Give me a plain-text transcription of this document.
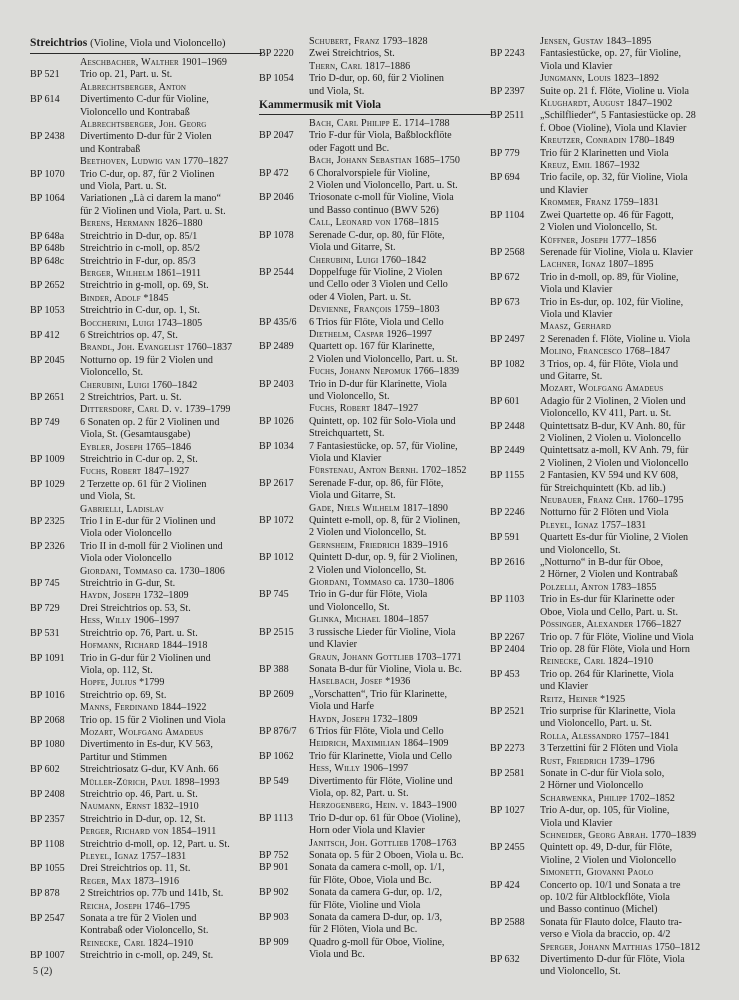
Streichtrios (Violine, Viola und Violoncello)
Aeschbacher, Walther 1901–1969
BP 521	Trio op. 21, Part. u. St.
Albrechtsberger, Anton
BP 614	Divertimento C-dur für Violine,
Violoncello und Kontrabaß
Albrechtsberger, Joh. Georg
BP 2438	Divertimento D-dur für 2 Violen
und Kontrabaß
Beethoven, Ludwig van 1770–1827
BP 1070	Trio C-dur, op. 87, für 2 Violinen
und Viola, Part. u. St.
BP 1064	Variationen „Là ci darem la mano“
für 2 Violinen und Viola, Part. u. St.
Berens, Hermann 1826–1880
BP 648a	Streichtrio in D-dur, op. 85/1
BP 648b	Streichtrio in c-moll, op. 85/2
BP 648c	Streichtrio in F-dur, op. 85/3
Berger, Wilhelm 1861–1911
BP 2652	Streichtrio in g-moll, op. 69, St.
Binder, Adolf *1845
BP 1053	Streichtrio in C-dur, op. 1, St.
Boccherini, Luigi 1743–1805
BP 412	6 Streichtrios op. 47, St.
Brandl, Joh. Evangelist 1760–1837
BP 2045	Notturno op. 19 für 2 Violen und
Violoncello, St.
Cherubini, Luigi 1760–1842
BP 2651	2 Streichtrios, Part. u. St.
Dittersdorf, Carl D. v. 1739–1799
BP 749	6 Sonaten op. 2 für 2 Violinen und
Viola, St. (Gesamtausgabe)
Eybler, Joseph 1765–1846
BP 1009	Streichtrio in C-dur op. 2, St.
Fuchs, Robert 1847–1927
BP 1029	2 Terzette op. 61 für 2 Violinen
und Viola, St.
Gabrielli, Ladislav
BP 2325	Trio I in E-dur für 2 Violinen und
Viola oder Violoncello
BP 2326	Trio II in d-moll für 2 Violinen und
Viola oder Violoncello
Giordani, Tommaso ca. 1730–1806
BP 745	Streichtrio in G-dur, St.
Haydn, Joseph 1732–1809
BP 729	Drei Streichtrios op. 53, St.
Hess, Willy 1906–1997
BP 531	Streichtrio op. 76, Part. u. St.
Hofmann, Richard 1844–1918
BP 1091	Trio in G-dur für 2 Violinen und
Viola, op. 112, St.
Hopfe, Julius *1799
BP 1016	Streichtrio op. 69, St.
Manns, Ferdinand 1844–1922
BP 2068	Trio op. 15 für 2 Violinen und Viola
Mozart, Wolfgang Amadeus
BP 1080	Divertimento in Es-dur, KV 563,
Partitur und Stimmen
BP 602	Streichtriosatz G-dur, KV Anh. 66
Müller-Zürich, Paul 1898–1993
BP 2408	Streichtrio op. 46, Part. u. St.
Naumann, Ernst 1832–1910
BP 2357	Streichtrio in D-dur, op. 12, St.
Perger, Richard von 1854–1911
BP 1108	Streichtrio d-moll, op. 12, Part. u. St.
Pleyel, Ignaz 1757–1831
BP 1055	Drei Streichtrios op. 11, St.
Reger, Max 1873–1916
BP 878	2 Streichtrios op. 77b und 141b, St.
Reicha, Joseph 1746–1795
BP 2547	Sonata a tre für 2 Violen und
Kontrabaß oder Violoncello, St.
Reinecke, Carl 1824–1910
BP 1007	Streichtrio in c-moll, op. 249, St.
Schubert, Franz 1793–1828
BP 2220	Zwei Streichtrios, St.
Thern, Carl 1817–1886
BP 1054	Trio D-dur, op. 60, für 2 Violinen
und Viola, St.
Kammermusik mit Viola
Bach, Carl Philipp E. 1714–1788
BP 2047	Trio F-dur für Viola, Baßblockflöte
oder Fagott und Bc.
Bach, Johann Sebastian 1685–1750
BP 472	6 Choralvorspiele für Violine,
2 Violen und Violoncello, Part. u. St.
BP 2046	Triosonate c-moll für Violine, Viola
und Basso continuo (BWV 526)
Call, Leonard von 1768–1815
BP 1078	Serenade C-dur, op. 80, für Flöte,
Viola und Gitarre, St.
Cherubini, Luigi 1760–1842
BP 2544	Doppelfuge für Violine, 2 Violen
und Cello oder 3 Violen und Cello
oder 4 Violen, Part. u. St.
Devienne, François 1759–1803
BP 435/6	6 Trios für Flöte, Viola und Cello
Diethelm, Caspar 1926–1997
BP 2489	Quartett op. 167 für Klarinette,
2 Violen und Violoncello, Part. u. St.
Fuchs, Johann Nepomuk 1766–1839
BP 2403	Trio in D-dur für Klarinette, Viola
und Violoncello, St.
Fuchs, Robert 1847–1927
BP 1026	Quintett, op. 102 für Solo-Viola und
Streichquartett, St.
BP 1034	7 Fantasiestücke, op. 57, für Violine,
Viola und Klavier
Fürstenau, Anton Bernh. 1702–1852
BP 2617	Serenade F-dur, op. 86, für Flöte,
Viola und Gitarre, St.
Gade, Niels Wilhelm 1817–1890
BP 1072	Quintett e-moll, op. 8, für 2 Violinen,
2 Violen und Violoncello, St.
Gernsheim, Friedrich 1839–1916
BP 1012	Quintett D-dur, op. 9, für 2 Violinen,
2 Violen und Violoncello, St.
Giordani, Tommaso ca. 1730–1806
BP 745	Trio in G-dur für Flöte, Viola
und Violoncello, St.
Glinka, Michael 1804–1857
BP 2515	3 russische Lieder für Violine, Viola
und Klavier
Graun, Johann Gottlieb 1703–1771
BP 388	Sonata B-dur für Violine, Viola u. Bc.
Haselbach, Josef *1936
BP 2609	„Vorschatten“, Trio für Klarinette,
Viola und Harfe
Haydn, Joseph 1732–1809
BP 876/7	6 Trios für Flöte, Viola und Cello
Heidrich, Maximilian 1864–1909
BP 1062	Trio für Klarinette, Viola und Cello
Hess, Willy 1906–1997
BP 549	Divertimento für Flöte, Violine und
Viola, op. 82, Part. u. St.
Herzogenberg, Hein. v. 1843–1900
BP 1113	Trio D-dur op. 61 für Oboe (Violine),
Horn oder Viola und Klavier
Janitsch, Joh. Gottlieb 1708–1763
BP 752	Sonata op. 5 für 2 Oboen, Viola u. Bc.
BP 901	Sonata da camera c-moll, op. 1/1,
für Flöte, Oboe, Viola und Bc.
BP 902	Sonata da camera G-dur, op. 1/2,
für Flöte, Violine und Viola
BP 903	Sonata da camera D-dur, op. 1/3,
für 2 Flöten, Viola und Bc.
BP 909	Quadro g-moll für Oboe, Violine,
Viola und Bc.
Jensen, Gustav 1843–1895
BP 2243	Fantasiestücke, op. 27, für Violine,
Viola und Klavier
Jungmann, Louis 1823–1892
BP 2397	Suite op. 21 f. Flöte, Violine u. Viola
Klughardt, August 1847–1902
BP 2511	„Schilflieder“, 5 Fantasiestücke op. 28
f. Oboe (Violine), Viola und Klavier
Kreutzer, Conradin 1780–1849
BP 779	Trio für 2 Klarinetten und Viola
Kreuz, Emil 1867–1932
BP 694	Trio facile, op. 32, für Violine, Viola
und Klavier
Krommer, Franz 1759–1831
BP 1104	Zwei Quartette op. 46 für Fagott,
2 Violen und Violoncello, St.
Küffner, Joseph 1777–1856
BP 2568	Serenade für Violine, Viola u. Klavier
Lachner, Ignaz 1807–1895
BP 672	Trio in d-moll, op. 89, für Violine,
Viola und Klavier
BP 673	Trio in Es-dur, op. 102, für Violine,
Viola und Klavier
Maasz, Gerhard
BP 2497	2 Serenaden f. Flöte, Violine u. Viola
Molino, Francesco 1768–1847
BP 1082	3 Trios, op. 4, für Flöte, Viola und
und Gitarre, St.
Mozart, Wolfgang Amadeus
BP 601	Adagio für 2 Violinen, 2 Violen und
Violoncello, KV 411, Part. u. St.
BP 2448	Quintettsatz B-dur, KV Anh. 80, für
2 Violinen, 2 Violen u. Violoncello
BP 2449	Quintettsatz a-moll, KV Anh. 79, für
2 Violinen, 2 Violen und Violoncello
BP 1155	2 Fantasien, KV 594 und KV 608,
für Streichquintett (Kb. ad lib.)
Neubauer, Franz Chr. 1760–1795
BP 2246	Notturno für 2 Flöten und Viola
Pleyel, Ignaz 1757–1831
BP 591	Quartett Es-dur für Violine, 2 Violen
und Violoncello, St.
BP 2616	„Notturno“ in B-dur für Oboe,
2 Hörner, 2 Violen und Kontrabaß
Polzelli, Anton 1783–1855
BP 1103	Trio in Es-dur für Klarinette oder
Oboe, Viola und Cello, Part. u. St.
Pössinger, Alexander 1766–1827
BP 2267	Trio op. 7 für Flöte, Violine und Viola
BP 2404	Trio op. 28 für Flöte, Viola und Horn
Reinecke, Carl 1824–1910
BP 453	Trio op. 264 für Klarinette, Viola
und Klavier
Reitz, Heiner *1925
BP 2521	Trio surprise für Klarinette, Viola
und Violoncello, Part. u. St.
Rolla, Alessandro 1757–1841
BP 2273	3 Terzettini für 2 Flöten und Viola
Rust, Friedrich 1739–1796
BP 2581	Sonate in C-dur für Viola solo,
2 Hörner und Violoncello
Scharwenka, Philipp 1702–1852
BP 1027	Trio A-dur, op. 105, für Violine,
Viola und Klavier
Schneider, Georg Abrah. 1770–1839
BP 2455	Quintett op. 49, D-dur, für Flöte,
Violine, 2 Violen und Violoncello
Simonetti, Giovanni Paolo
BP 424	Concerto op. 10/1 und Sonata a tre
op. 10/2 für Altblockflöte, Viola
und Basso continuo (Michel)
BP 2588	Sonata für Flauto dolce, Flauto tra-
verso e Viola da braccio, op. 4/2
Sperger, Johann Matthias 1750–1812
BP 632	Divertimento D-dur für Flöte, Viola
und Violoncello, St.
5 (2)
